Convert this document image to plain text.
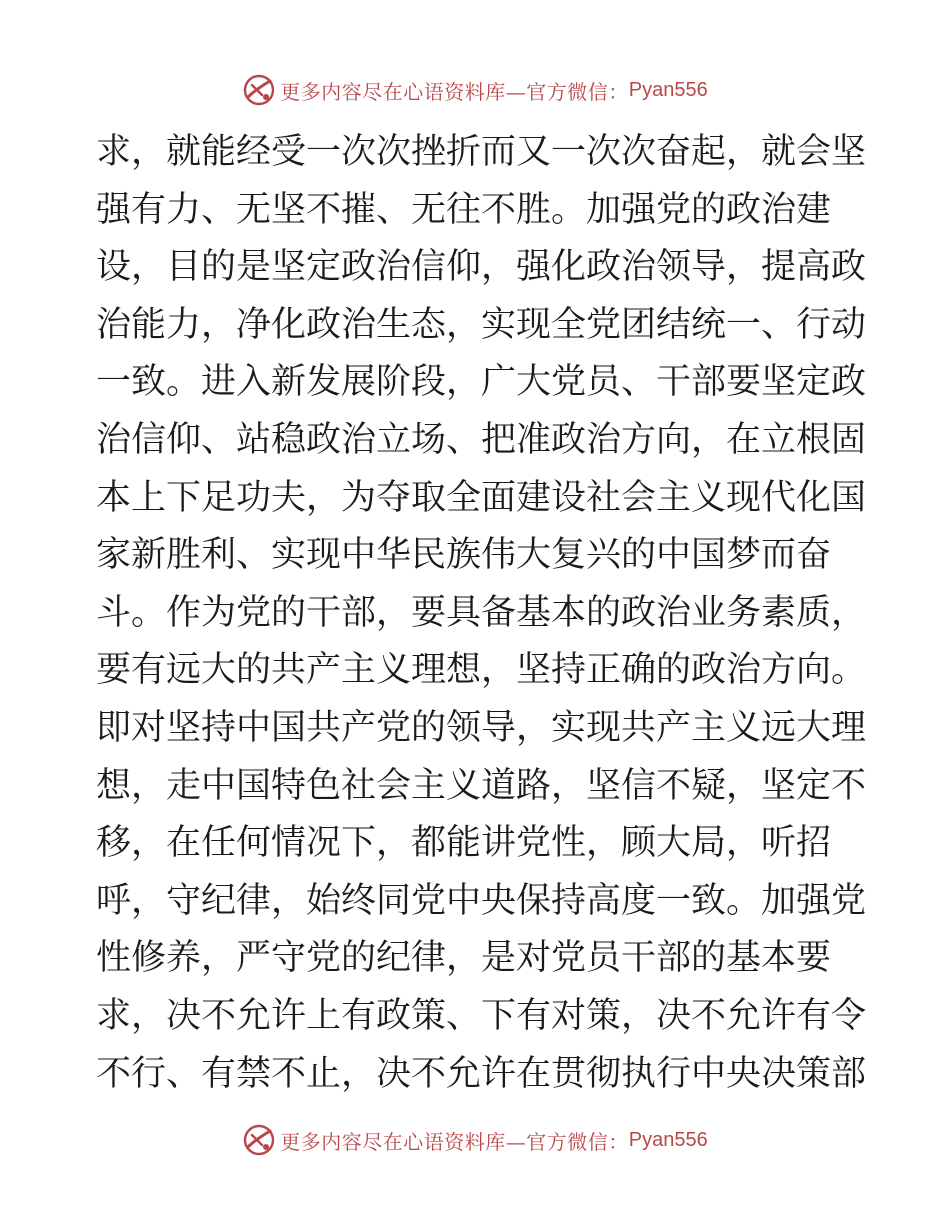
更多内容尽在心语资料库—官方微信： Pyan556
求，就能经受一次次挫折而又一次次奋起，就会坚
强有力、无坚不摧、无往不胜。加强党的政治建
设，目的是坚定政治信仰，强化政治领导，提高政
治能力，净化政治生态，实现全党团结统一、行动
一致。进入新发展阶段，广大党员、干部要坚定政
治信仰、站稳政治立场、把准政治方向，在立根固
本上下足功夫，为夺取全面建设社会主义现代化国
家新胜利、实现中华民族伟大复兴的中国梦而奋
斗。作为党的干部，要具备基本的政治业务素质，
要有远大的共产主义理想，坚持正确的政治方向。
即对坚持中国共产党的领导，实现共产主义远大理
想，走中国特色社会主义道路，坚信不疑，坚定不
移，在任何情况下，都能讲党性，顾大局，听招
呼，守纪律，始终同党中央保持高度一致。加强党
性修养，严守党的纪律，是对党员干部的基本要
求，决不允许上有政策、下有对策，决不允许有令
不行、有禁不止，决不允许在贯彻执行中央决策部
更多内容尽在心语资料库—官方微信： Pyan556
